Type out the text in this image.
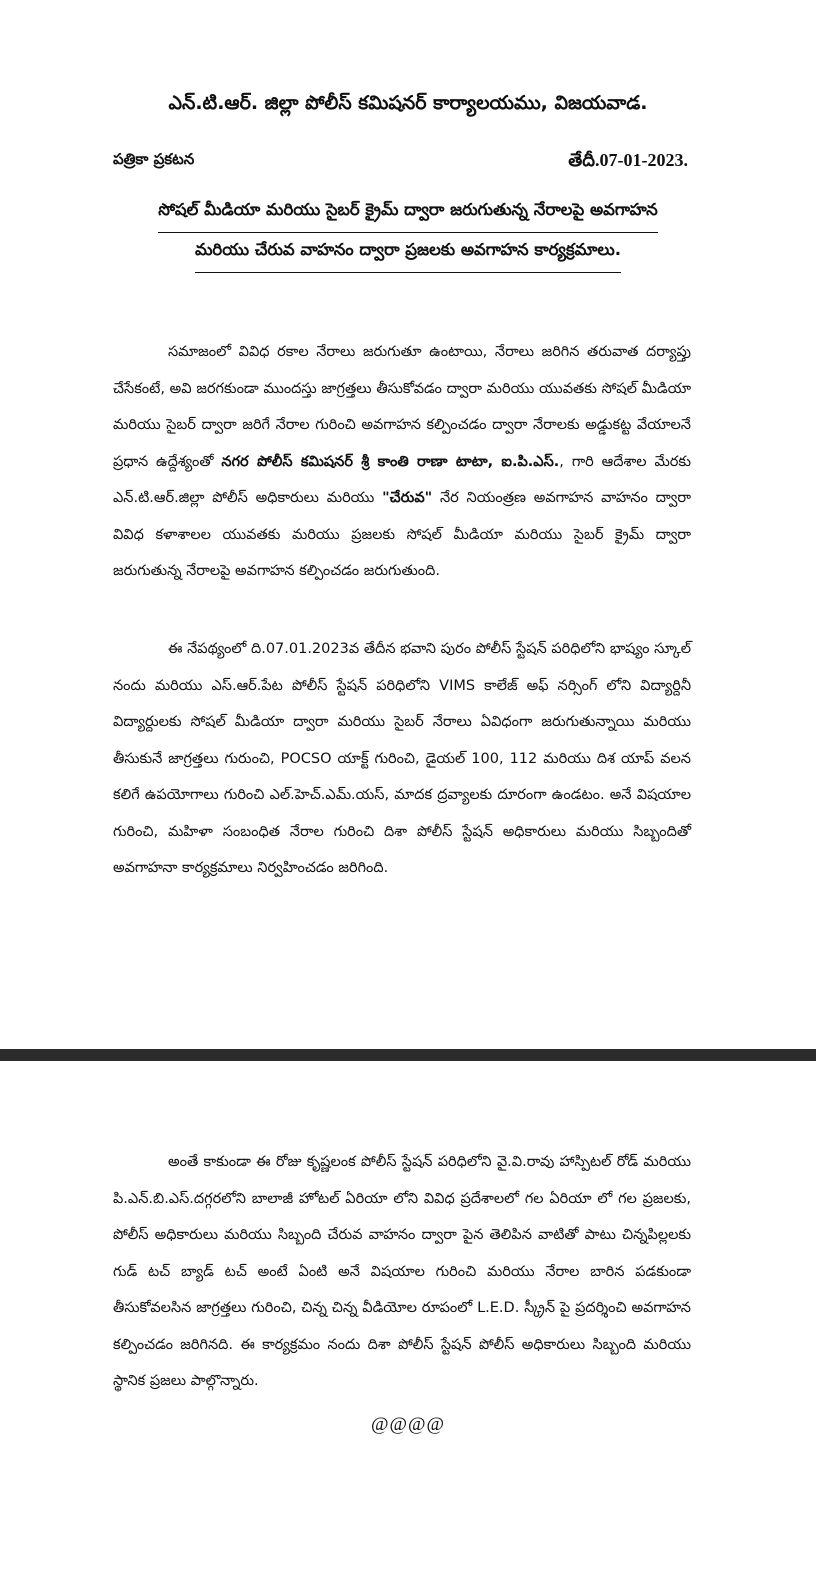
ఎన్.టి.ఆర్. జిల్లా పోలీస్ కమిషనర్ కార్యాలయము, విజయవాడ.

పత్రికా ప్రకటన	తేదీ.07-01-2023.

సోషల్ మీడియా మరియు సైబర్ క్రైమ్ ద్వారా జరుగుతున్న నేరాలపై అవగాహన

మరియు చేరువ వాహనం ద్వారా ప్రజలకు అవగాహన కార్యక్రమాలు.

సమాజంలో వివిధ రకాల నేరాలు జరుగుతూ ఉంటాయి, నేరాలు జరిగిన తరువాత దర్యాప్తు చేసేకంటే, అవి జరగకుండా ముందస్తు జాగ్రత్తలు తీసుకోవడం ద్వారా మరియు యువతకు సోషల్ మీడియా మరియు సైబర్ ద్వారా జరిగే నేరాల గురించి అవగాహన కల్పించడం ద్వారా నేరాలకు అడ్డుకట్ట వేయాలనే ప్రధాన ఉద్దేశ్యంతో నగర పోలీస్ కమిషనర్ శ్రీ కాంతి రాణా టాటా, ఐ.పి.ఎస్., గారి ఆదేశాల మేరకు ఎన్.టి.ఆర్.జిల్లా పోలీస్ అధికారులు మరియు "చేరువ" నేర నియంత్రణ అవగాహన వాహనం ద్వారా వివిధ కళాశాలల యువతకు మరియు ప్రజలకు సోషల్ మీడియా మరియు సైబర్ క్రైమ్ ద్వారా జరుగుతున్న నేరాలపై అవగాహన కల్పించడం జరుగుతుంది.

ఈ నేపథ్యంలో ది.07.01.2023వ తేదీన భవాని పురం పోలీస్ స్టేషన్ పరిధిలోని భాష్యం స్కూల్ నందు మరియు ఎస్.ఆర్.పేట పోలీస్ స్టేషన్ పరిధిలోని VIMS కాలేజ్ అఫ్ నర్సింగ్ లోని విద్యార్దినీ విద్యార్దులకు సోషల్ మీడియా ద్వారా మరియు సైబర్ నేరాలు ఏవిధంగా జరుగుతున్నాయి మరియు తీసుకునే జాగ్రత్తలు గురుంచి, POCSO యాక్ట్ గురించి, డైయల్ 100, 112 మరియు దిశ యాప్ వలన కలిగే ఉపయోగాలు గురించి ఎల్.హెచ్.ఎమ్.యస్, మాదక ద్రవ్యాలకు దూరంగా ఉండటం. అనే విషయాల గురించి, మహిళా సంబంధిత నేరాల గురించి దిశా పోలీస్ స్టేషన్ అధికారులు మరియు సిబ్బందితో అవగాహనా కార్యక్రమాలు నిర్వహించడం జరిగింది.

అంతే కాకుండా ఈ రోజు కృష్ణలంక పోలీస్ స్టేషన్ పరిధిలోని వై.వి.రావు హాస్పిటల్ రోడ్ మరియు పి.ఎన్.బి.ఎస్.దగ్గరలోని బాలాజీ హోటల్ ఏరియా లోని వివిధ ప్రదేశాలలో గల ఏరియా లో గల ప్రజలకు, పోలీస్ అధికారులు మరియు సిబ్బంది చేరువ వాహనం ద్వారా పైన తెలిపిన వాటితో పాటు చిన్నపిల్లలకు గుడ్ టచ్ బ్యాడ్ టచ్ అంటే ఏంటి అనే విషయాల గురించి మరియు నేరాల బారిన పడకుండా తీసుకోవలసిన జాగ్రత్తలు గురించి, చిన్న చిన్న వీడియోల రూపంలో L.E.D. స్క్రీన్ పై ప్రదర్శించి అవగాహన కల్పించడం జరిగినది. ఈ కార్యక్రమం నందు దిశా పోలీస్ స్టేషన్ పోలీస్ అధికారులు సిబ్బంది మరియు స్థానిక ప్రజలు పాల్గొన్నారు.

@@@@
